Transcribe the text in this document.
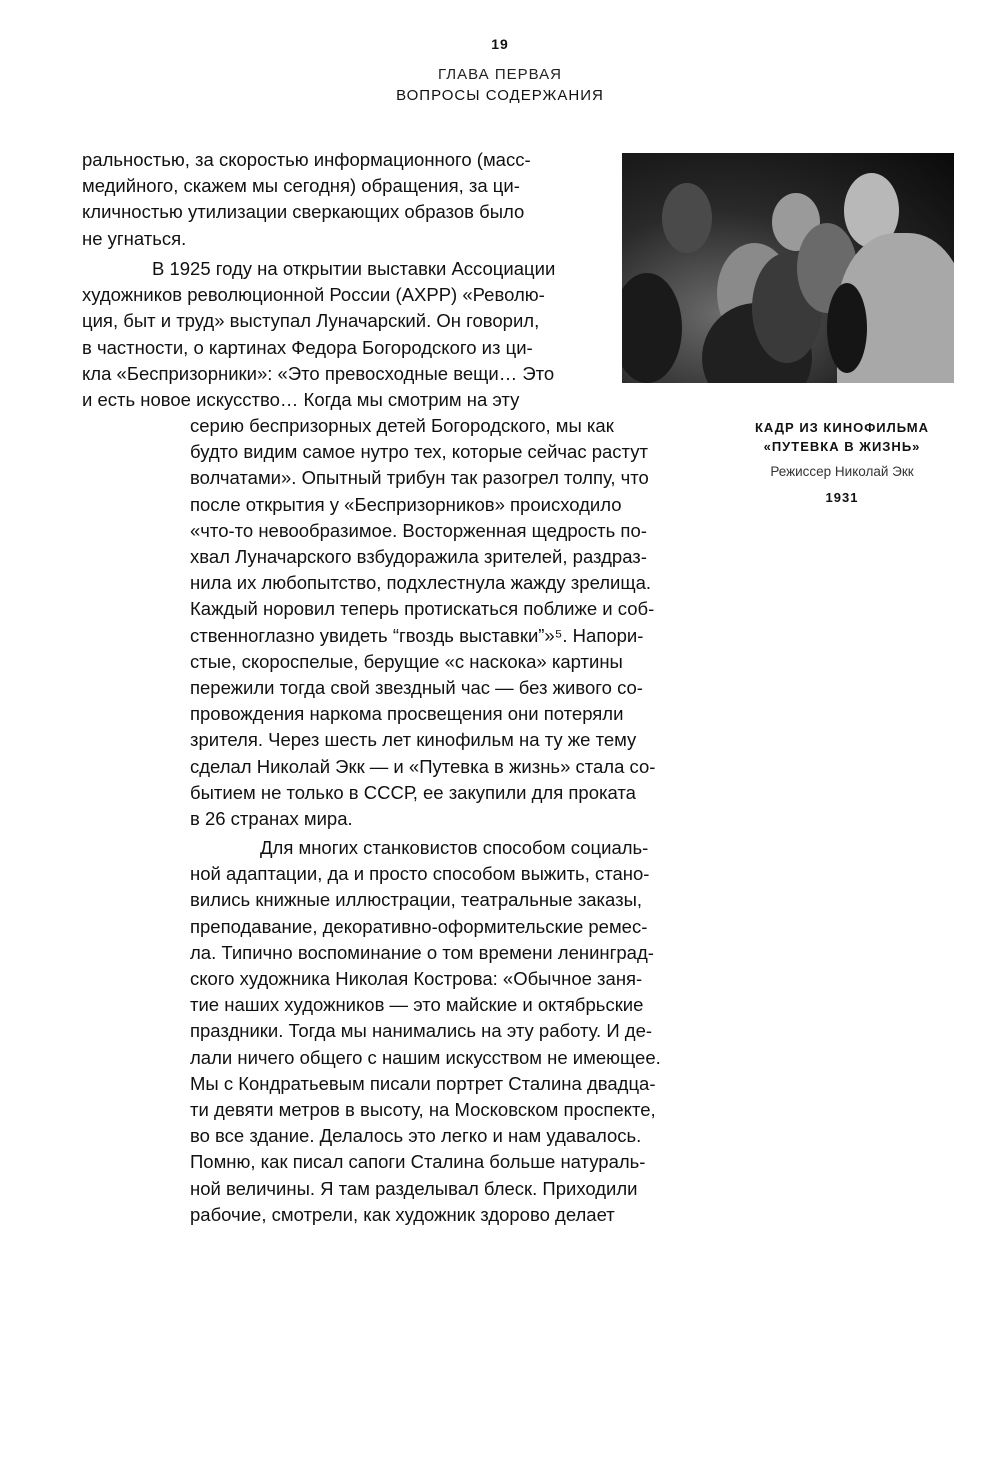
19
ГЛАВА ПЕРВАЯ
ВОПРОСЫ СОДЕРЖАНИЯ
ральностью, за скоростью информационного (масс-
медийного, скажем мы сегодня) обращения, за ци-
кличностью утилизации сверкающих образов было
не угнаться.
В 1925 году на открытии выставки Ассоциации
художников революционной России (АХРР) «Револю-
ция, быт и труд» выступал Луначарский. Он говорил,
в частности, о картинах Федора Богородского из ци-
кла «Беспризорники»: «Это превосходные вещи… Это
и есть новое искусство… Когда мы смотрим на эту
серию беспризорных детей Богородского, мы как
будто видим самое нутро тех, которые сейчас растут
волчатами». Опытный трибун так разогрел толпу, что
после открытия у «Беспризорников» происходило
«что-то невообразимое. Восторженная щедрость по-
хвал Луначарского взбудоражила зрителей, раздраз-
нила их любопытство, подхлестнула жажду зрелища.
Каждый норовил теперь протискаться поближе и соб-
ственноглазно увидеть “гвоздь выставки”»⁵. Напори-
стые, скороспелые, берущие «с наскока» картины
пережили тогда свой звездный час — без живого со-
провождения наркома просвещения они потеряли
зрителя. Через шесть лет кинофильм на ту же тему
сделал Николай Экк — и «Путевка в жизнь» стала со-
бытием не только в СССР, ее закупили для проката
в 26 странах мира.
Для многих станковистов способом социаль-
ной адаптации, да и просто способом выжить, стано-
вились книжные иллюстрации, театральные заказы,
преподавание, декоративно-оформительские ремес-
ла. Типично воспоминание о том времени ленинград-
ского художника Николая Кострова: «Обычное заня-
тие наших художников — это майские и октябрьские
праздники. Тогда мы нанимались на эту работу. И де-
лали ничего общего с нашим искусством не имеющее.
Мы с Кондратьевым писали портрет Сталина двадца-
ти девяти метров в высоту, на Московском проспекте,
во все здание. Делалось это легко и нам удавалось.
Помню, как писал сапоги Сталина больше натураль-
ной величины. Я там разделывал блеск. Приходили
рабочие, смотрели, как художник здорово делает
КАДР ИЗ КИНОФИЛЬМА
«ПУТЕВКА В ЖИЗНЬ»
Режиссер Николай Экк
1931
